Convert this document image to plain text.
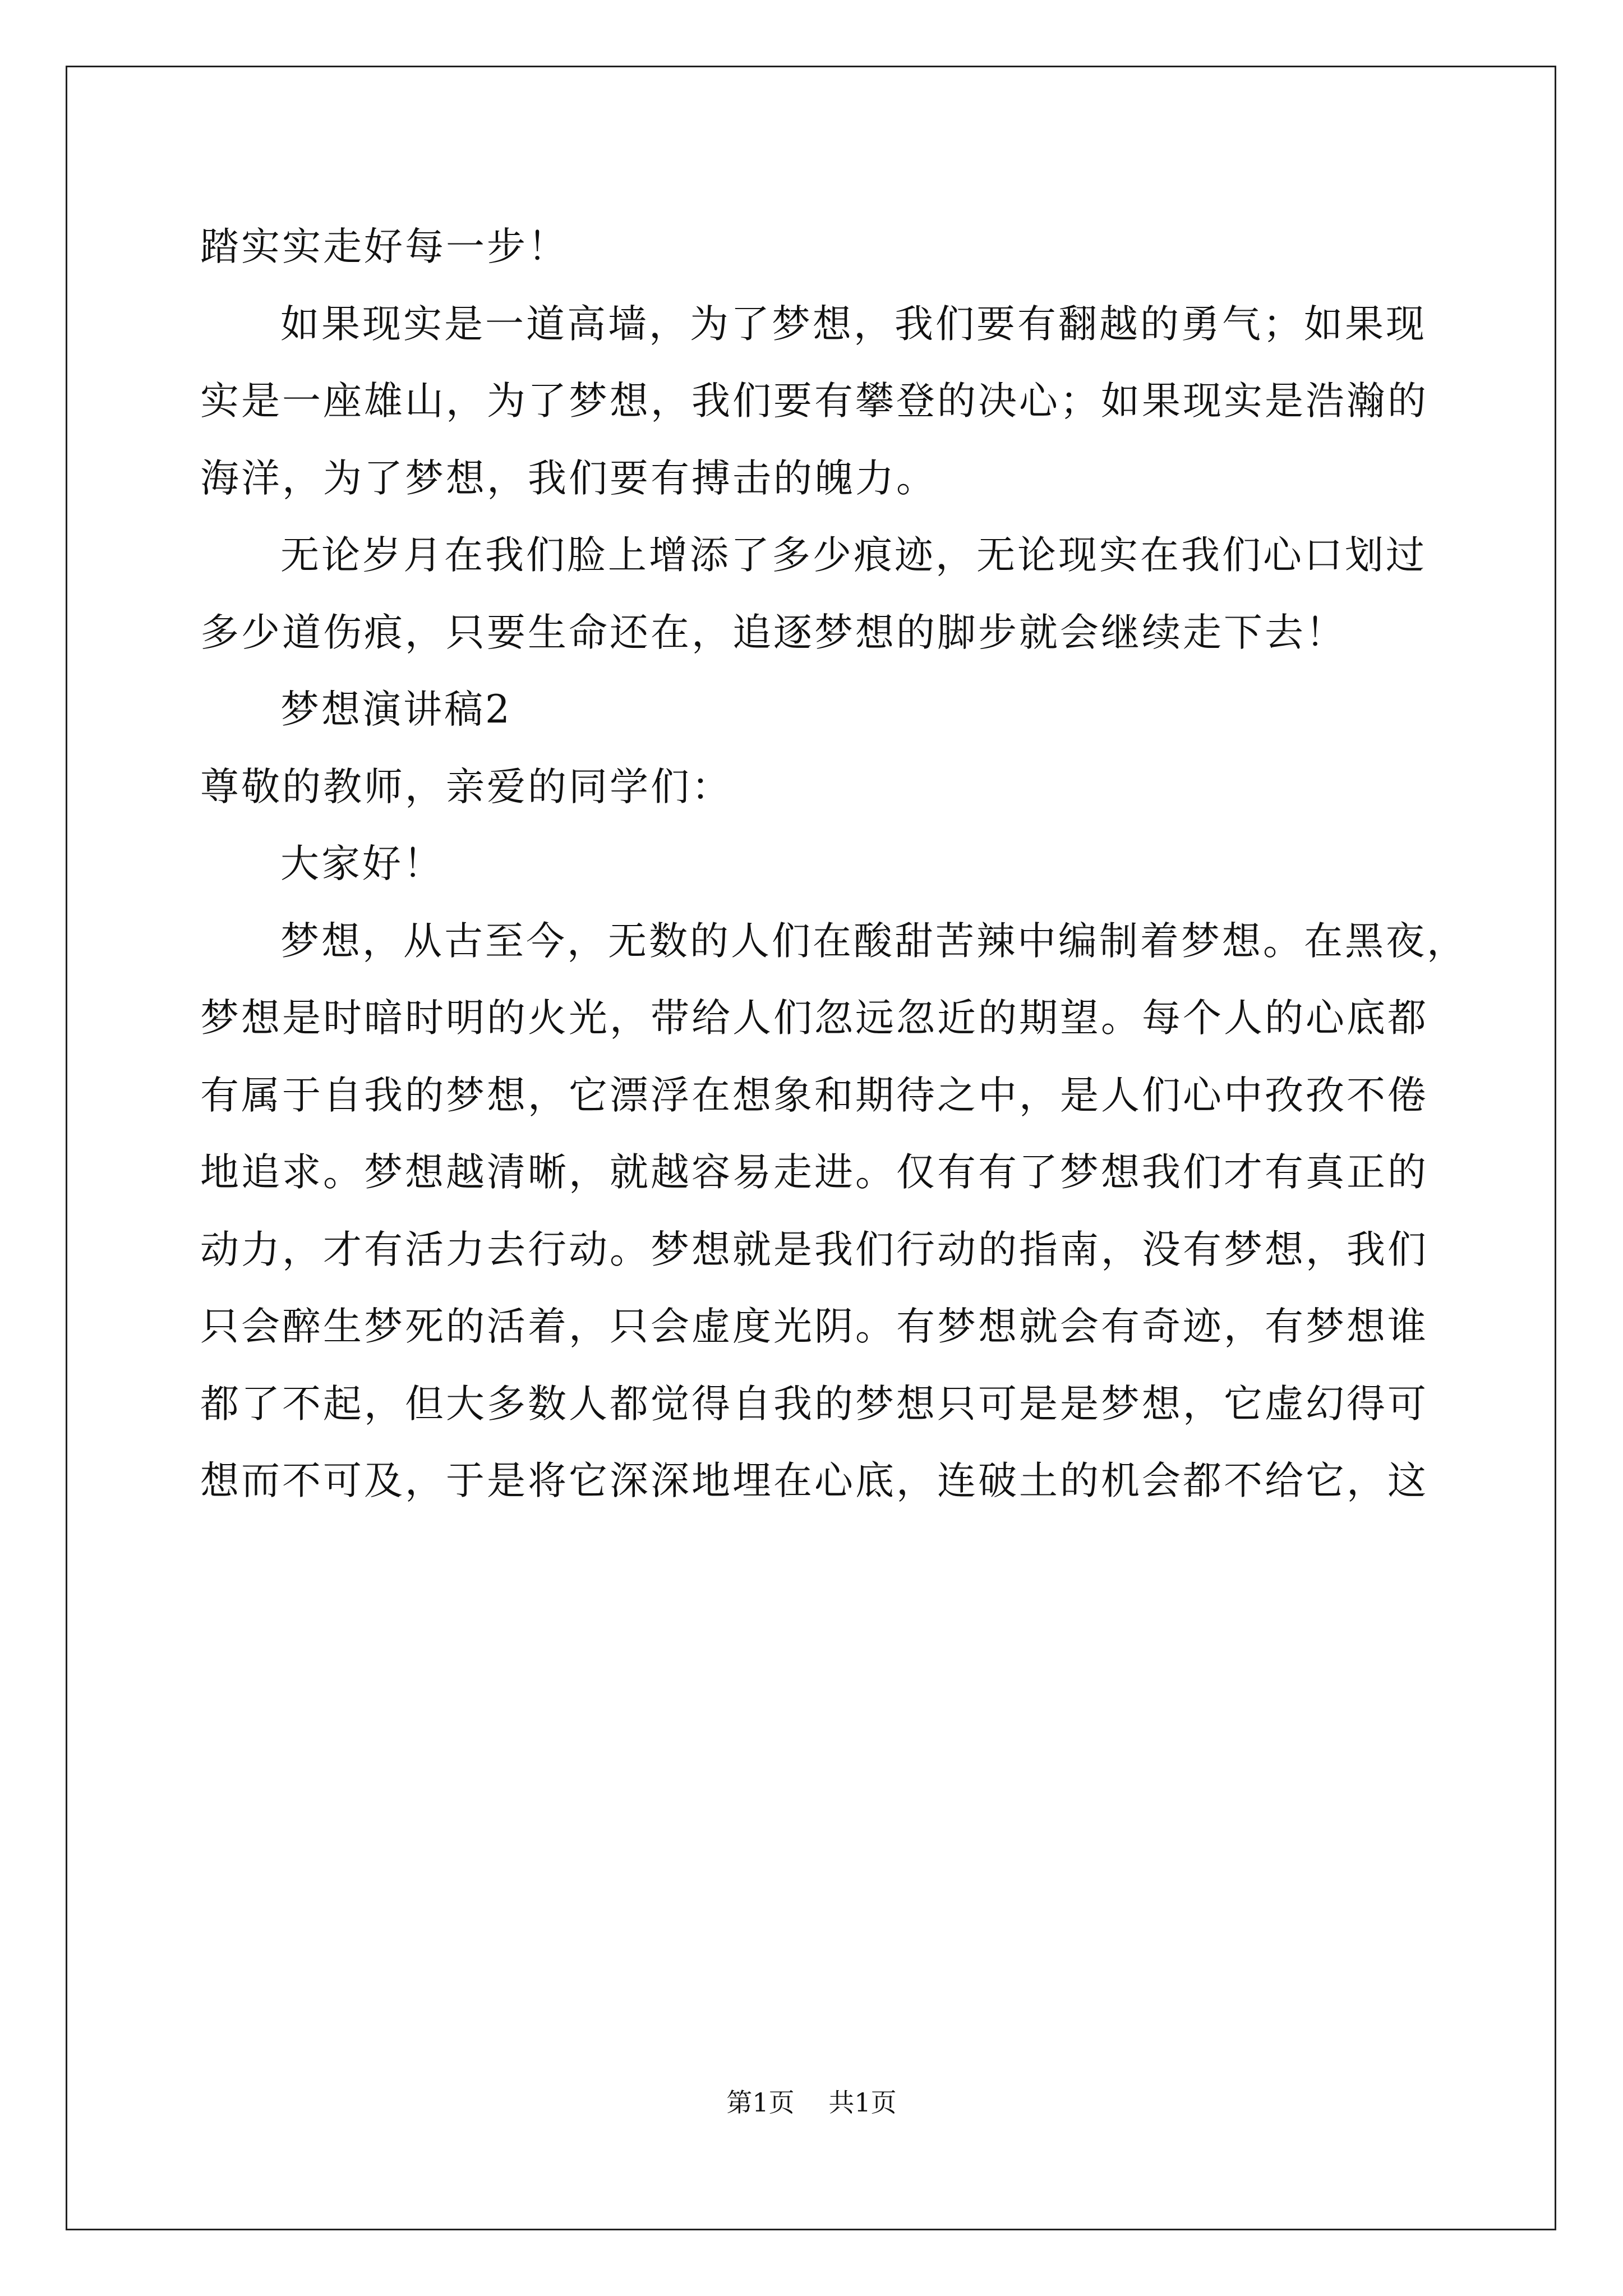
踏实实走好每一步！
如果现实是一道高墙，为了梦想，我们要有翻越的勇气；如果现
实是一座雄山，为了梦想，我们要有攀登的决心；如果现实是浩瀚的
海洋，为了梦想，我们要有搏击的魄力。
无论岁月在我们脸上增添了多少痕迹，无论现实在我们心口划过
多少道伤痕，只要生命还在，追逐梦想的脚步就会继续走下去！
梦想演讲稿2
尊敬的教师，亲爱的同学们：
大家好！
梦想，从古至今，无数的人们在酸甜苦辣中编制着梦想。在黑夜，
梦想是时暗时明的火光，带给人们忽远忽近的期望。每个人的心底都
有属于自我的梦想，它漂浮在想象和期待之中，是人们心中孜孜不倦
地追求。梦想越清晰，就越容易走进。仅有有了梦想我们才有真正的
动力，才有活力去行动。梦想就是我们行动的指南，没有梦想，我们
只会醉生梦死的活着，只会虚度光阴。有梦想就会有奇迹，有梦想谁
都了不起，但大多数人都觉得自我的梦想只可是是梦想，它虚幻得可
想而不可及，于是将它深深地埋在心底，连破土的机会都不给它，这
第1页 共1页
